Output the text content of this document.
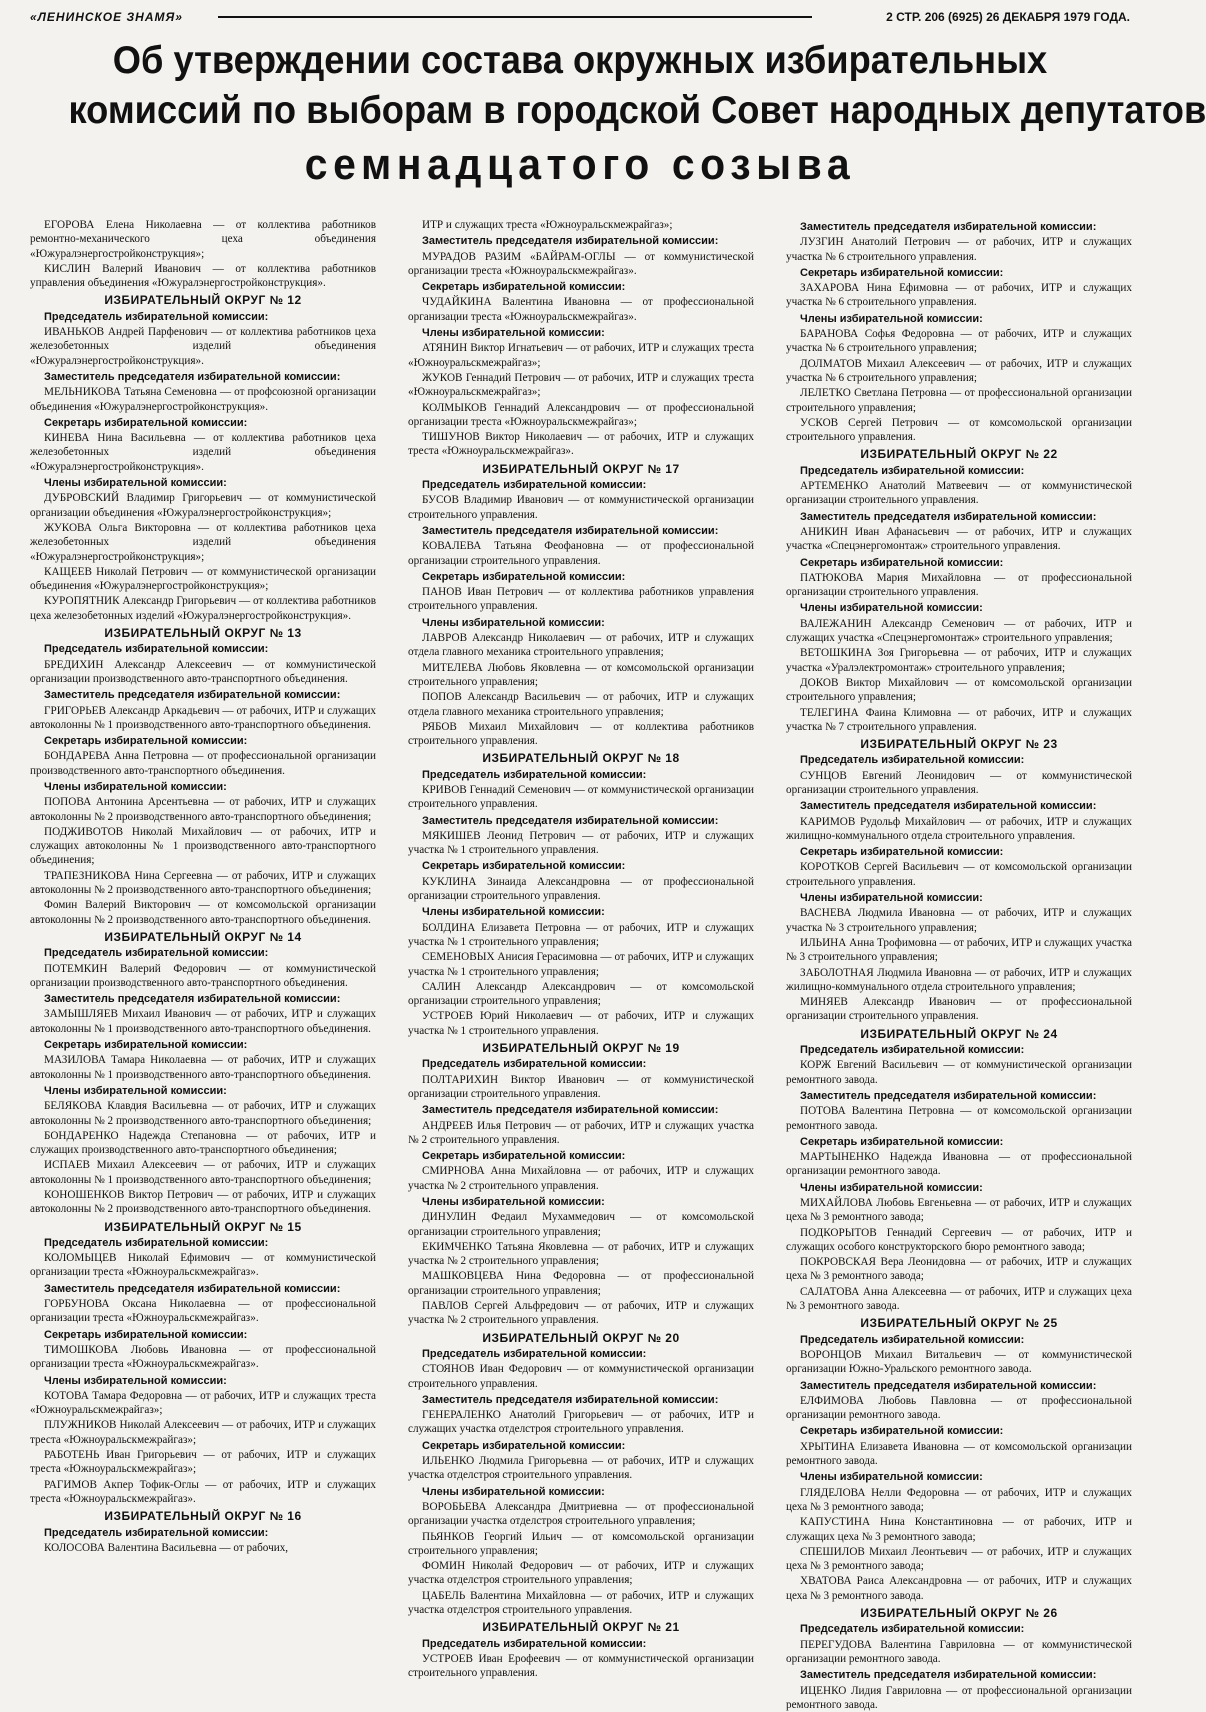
«ЛЕНИНСКОЕ ЗНАМЯ»	2 СТР. 206 (6925) 26 ДЕКАБРЯ 1979 ГОДА.
Об утверждении состава окружных избирательных
комиссий по выборам в городской Совет народных депутатов
семнадцатого созыва

ЕГОРОВА Елена Николаевна — от коллектива работников ремонтно-механического цеха объединения «Южуралэнергостройконструкция»;

КИСЛИН Валерий Иванович — от коллектива работников управления объединения «Южуралэнергостройконструкция».

ИЗБИРАТЕЛЬНЫЙ ОКРУГ № 12

Председатель избирательной комиссии:

ИВАНЬКОВ Андрей Парфенович — от коллектива работников цеха железобетонных изделий объединения «Южуралэнергостройконструкция».

Заместитель председателя избирательной комиссии:

МЕЛЬНИКОВА Татьяна Семеновна — от профсоюзной организации объединения «Южуралэнергостройконструкция».

Секретарь избирательной комиссии:

КИНЕВА Нина Васильевна — от коллектива работников цеха железобетонных изделий объединения «Южуралэнергостройконструкция».

Члены избирательной комиссии:

ДУБРОВСКИЙ Владимир Григорьевич — от коммунистической организации объединения «Южуралэнергостройконструкция»;

ЖУКОВА Ольга Викторовна — от коллектива работников цеха железобетонных изделий объединения «Южуралэнергостройконструкция»;

КАЩЕЕВ Николай Петрович — от коммунистической организации объединения «Южуралэнергостройконструкция»;

КУРОПЯТНИК Александр Григорьевич — от коллектива работников цеха железобетонных изделий «Южуралэнергостройконструкция».

ИЗБИРАТЕЛЬНЫЙ ОКРУГ № 13

Председатель избирательной комиссии:

БРЕДИХИН Александр Алексеевич — от коммунистической организации производственного авто-транспортного объединения.

Заместитель председателя избирательной комиссии:

ГРИГОРЬЕВ Александр Аркадьевич — от рабочих, ИТР и служащих автоколонны № 1 производственного авто-транспортного объединения.

Секретарь избирательной комиссии:

БОНДАРЕВА Анна Петровна — от профессиональной организации производственного авто-транспортного объединения.

Члены избирательной комиссии:

ПОПОВА Антонина Арсентьевна — от рабочих, ИТР и служащих автоколонны № 2 производственного авто-транспортного объединения;

ПОДЖИВОТОВ Николай Михайлович — от рабочих, ИТР и служащих автоколонны № 1 производственного авто-транспортного объединения;

ТРАПЕЗНИКОВА Нина Сергеевна — от рабочих, ИТР и служащих автоколонны № 2 производственного авто-транспортного объединения;

Фомин Валерий Викторович — от комсомольской организации автоколонны № 2 производственного авто-транспортного объединения.

ИЗБИРАТЕЛЬНЫЙ ОКРУГ № 14

Председатель избирательной комиссии:

ПОТЕМКИН Валерий Федорович — от коммунистической организации производственного авто-транспортного объединения.

Заместитель председателя избирательной комиссии:

ЗАМЫШЛЯЕВ Михаил Иванович — от рабочих, ИТР и служащих автоколонны № 1 производственного авто-транспортного объединения.

Секретарь избирательной комиссии:

МАЗИЛОВА Тамара Николаевна — от рабочих, ИТР и служащих автоколонны № 1 производственного авто-транспортного объединения.

Члены избирательной комиссии:

БЕЛЯКОВА Клавдия Васильевна — от рабочих, ИТР и служащих автоколонны № 2 производственного авто-транспортного объединения;

БОНДАРЕНКО Надежда Степановна — от рабочих, ИТР и служащих производственного авто-транспортного объединения;

ИСПАЕВ Михаил Алексеевич — от рабочих, ИТР и служащих автоколонны № 1 производственного авто-транспортного объединения;

КОНОШЕНКОВ Виктор Петрович — от рабочих, ИТР и служащих автоколонны № 2 производственного авто-транспортного объединения.

ИЗБИРАТЕЛЬНЫЙ ОКРУГ № 15

Председатель избирательной комиссии:

КОЛОМЫЦЕВ Николай Ефимович — от коммунистической организации треста «Южноуральскмежрайгаз».

Заместитель председателя избирательной комиссии:

ГОРБУНОВА Оксана Николаевна — от профессиональной организации треста «Южноуральскмежрайгаз».

Секретарь избирательной комиссии:

ТИМОШКОВА Любовь Ивановна — от профессиональной организации треста «Южноуральскмежрайгаз».

Члены избирательной комиссии:

КОТОВА Тамара Федоровна — от рабочих, ИТР и служащих треста «Южноуральскмежрайгаз»;

ПЛУЖНИКОВ Николай Алексеевич — от рабочих, ИТР и служащих треста «Южноуральскмежрайгаз»;

РАБОТЕНЬ Иван Григорьевич — от рабочих, ИТР и служащих треста «Южноуральскмежрайгаз»;

РАГИМОВ Акпер Тофик-Оглы — от рабочих, ИТР и служащих треста «Южноуральскмежрайгаз».

ИЗБИРАТЕЛЬНЫЙ ОКРУГ № 16

Председатель избирательной комиссии:

КОЛОСОВА Валентина Васильевна — от рабочих,

ИТР и служащих треста «Южноуральскмежрайгаз»;

Заместитель председателя избирательной комиссии:

МУРАДОВ РАЗИМ «БАЙРАМ-ОГЛЫ — от коммунистической организации треста «Южноуральскмежрайгаз».

Секретарь избирательной комиссии:

ЧУДАЙКИНА Валентина Ивановна — от профессиональной организации треста «Южноуральскмежрайгаз».

Члены избирательной комиссии:

АТЯНИН Виктор Игнатьевич — от рабочих, ИТР и служащих треста «Южноуральскмежрайгаз»;

ЖУКОВ Геннадий Петрович — от рабочих, ИТР и служащих треста «Южноуральскмежрайгаз»;

КОЛМЫКОВ Геннадий Александрович — от профессиональной организации треста «Южноуральскмежрайгаз»;

ТИШУНОВ Виктор Николаевич — от рабочих, ИТР и служащих треста «Южноуральскмежрайгаз».

ИЗБИРАТЕЛЬНЫЙ ОКРУГ № 17

Председатель избирательной комиссии:

БУСОВ Владимир Иванович — от коммунистической организации строительного управления.

Заместитель председателя избирательной комиссии:

КОВАЛЕВА Татьяна Феофановна — от профессиональной организации строительного управления.

Секретарь избирательной комиссии:

ПАНОВ Иван Петрович — от коллектива работников управления строительного управления.

Члены избирательной комиссии:

ЛАВРОВ Александр Николаевич — от рабочих, ИТР и служащих отдела главного механика строительного управления;

МИТЕЛЕВА Любовь Яковлевна — от комсомольской организации строительного управления;

ПОПОВ Александр Васильевич — от рабочих, ИТР и служащих отдела главного механика строительного управления;

РЯБОВ Михаил Михайлович — от коллектива работников строительного управления.

ИЗБИРАТЕЛЬНЫЙ ОКРУГ № 18

Председатель избирательной комиссии:

КРИВОВ Геннадий Семенович — от коммунистической организации строительного управления.

Заместитель председателя избирательной комиссии:

МЯКИШЕВ Леонид Петрович — от рабочих, ИТР и служащих участка № 1 строительного управления.

Секретарь избирательной комиссии:

КУКЛИНА Зинаида Александровна — от профессиональной организации строительного управления.

Члены избирательной комиссии:

БОЛДИНА Елизавета Петровна — от рабочих, ИТР и служащих участка № 1 строительного управления;

СЕМЕНОВЫХ Анисия Герасимовна — от рабочих, ИТР и служащих участка № 1 строительного управления;

САЛИН Александр Александрович — от комсомольской организации строительного управления;

УСТРОЕВ Юрий Николаевич — от рабочих, ИТР и служащих участка № 1 строительного управления.

ИЗБИРАТЕЛЬНЫЙ ОКРУГ № 19

Председатель избирательной комиссии:

ПОЛТАРИХИН Виктор Иванович — от коммунистической организации строительного управления.

Заместитель председателя избирательной комиссии:

АНДРЕЕВ Илья Петрович — от рабочих, ИТР и служащих участка № 2 строительного управления.

Секретарь избирательной комиссии:

СМИРНОВА Анна Михайловна — от рабочих, ИТР и служащих участка № 2 строительного управления.

Члены избирательной комиссии:

ДИНУЛИН Федаил Мухаммедович — от комсомольской организации строительного управления;

ЕКИМЧЕНКО Татьяна Яковлевна — от рабочих, ИТР и служащих участка № 2 строительного управления;

МАШКОВЦЕВА Нина Федоровна — от профессиональной организации строительного управления;

ПАВЛОВ Сергей Альфредович — от рабочих, ИТР и служащих участка № 2 строительного управления.

ИЗБИРАТЕЛЬНЫЙ ОКРУГ № 20

Председатель избирательной комиссии:

СТОЯНОВ Иван Федорович — от коммунистической организации строительного управления.

Заместитель председателя избирательной комиссии:

ГЕНЕРАЛЕНКО Анатолий Григорьевич — от рабочих, ИТР и служащих участка отделстроя строительного управления.

Секретарь избирательной комиссии:

ИЛЬЕНКО Людмила Григорьевна — от рабочих, ИТР и служащих участка отделстроя строительного управления.

Члены избирательной комиссии:

ВОРОБЬЕВА Александра Дмитриевна — от профессиональной организации участка отделстроя строительного управления;

ПЬЯНКОВ Георгий Ильич — от комсомольской организации строительного управления;

ФОМИН Николай Федорович — от рабочих, ИТР и служащих участка отделстроя строительного управления;

ЦАБЕЛЬ Валентина Михайловна — от рабочих, ИТР и служащих участка отделстроя строительного управления.

ИЗБИРАТЕЛЬНЫЙ ОКРУГ № 21

Председатель избирательной комиссии:

УСТРОЕВ Иван Ерофеевич — от коммунистической организации строительного управления.

Заместитель председателя избирательной комиссии:

ЛУЗГИН Анатолий Петрович — от рабочих, ИТР и служащих участка № 6 строительного управления.

Секретарь избирательной комиссии:

ЗАХАРОВА Нина Ефимовна — от рабочих, ИТР и служащих участка № 6 строительного управления.

Члены избирательной комиссии:

БАРАНОВА Софья Федоровна — от рабочих, ИТР и служащих участка № 6 строительного управления;

ДОЛМАТОВ Михаил Алексеевич — от рабочих, ИТР и служащих участка № 6 строительного управления;

ЛЕЛЕТКО Светлана Петровна — от профессиональной организации строительного управления;

УСКОВ Сергей Петрович — от комсомольской организации строительного управления.

ИЗБИРАТЕЛЬНЫЙ ОКРУГ № 22

Председатель избирательной комиссии:

АРТЕМЕНКО Анатолий Матвеевич — от коммунистической организации строительного управления.

Заместитель председателя избирательной комиссии:

АНИКИН Иван Афанасьевич — от рабочих, ИТР и служащих участка «Спецэнергомонтаж» строительного управления.

Секретарь избирательной комиссии:

ПАТЮКОВА Мария Михайловна — от профессиональной организации строительного управления.

Члены избирательной комиссии:

ВАЛЕЖАНИН Александр Семенович — от рабочих, ИТР и служащих участка «Спецэнергомонтаж» строительного управления;

ВЕТОШКИНА Зоя Григорьевна — от рабочих, ИТР и служащих участка «Уралэлектромонтаж» строительного управления;

ДОКОВ Виктор Михайлович — от комсомольской организации строительного управления;

ТЕЛЕГИНА Фаина Климовна — от рабочих, ИТР и служащих участка № 7 строительного управления.

ИЗБИРАТЕЛЬНЫЙ ОКРУГ № 23

Председатель избирательной комиссии:

СУНЦОВ Евгений Леонидович — от коммунистической организации строительного управления.

Заместитель председателя избирательной комиссии:

КАРИМОВ Рудольф Михайлович — от рабочих, ИТР и служащих жилищно-коммунального отдела строительного управления.

Секретарь избирательной комиссии:

КОРОТКОВ Сергей Васильевич — от комсомольской организации строительного управления.

Члены избирательной комиссии:

ВАСНЕВА Людмила Ивановна — от рабочих, ИТР и служащих участка № 3 строительного управления;

ИЛЬИНА Анна Трофимовна — от рабочих, ИТР и служащих участка № 3 строительного управления;

ЗАБОЛОТНАЯ Людмила Ивановна — от рабочих, ИТР и служащих жилищно-коммунального отдела строительного управления;

МИНЯЕВ Александр Иванович — от профессиональной организации строительного управления.

ИЗБИРАТЕЛЬНЫЙ ОКРУГ № 24

Председатель избирательной комиссии:

КОРЖ Евгений Васильевич — от коммунистической организации ремонтного завода.

Заместитель председателя избирательной комиссии:

ПОТОВА Валентина Петровна — от комсомольской организации ремонтного завода.

Секретарь избирательной комиссии:

МАРТЫНЕНКО Надежда Ивановна — от профессиональной организации ремонтного завода.

Члены избирательной комиссии:

МИХАЙЛОВА Любовь Евгеньевна — от рабочих, ИТР и служащих цеха № 3 ремонтного завода;

ПОДКОРЫТОВ Геннадий Сергеевич — от рабочих, ИТР и служащих особого конструкторского бюро ремонтного завода;

ПОКРОВСКАЯ Вера Леонидовна — от рабочих, ИТР и служащих цеха № 3 ремонтного завода;

САЛАТОВА Анна Алексеевна — от рабочих, ИТР и служащих цеха № 3 ремонтного завода.

ИЗБИРАТЕЛЬНЫЙ ОКРУГ № 25

Председатель избирательной комиссии:

ВОРОНЦОВ Михаил Витальевич — от коммунистической организации Южно-Уральского ремонтного завода.

Заместитель председателя избирательной комиссии:

ЕЛФИМОВА Любовь Павловна — от профессиональной организации ремонтного завода.

Секретарь избирательной комиссии:

ХРЫТИНА Елизавета Ивановна — от комсомольской организации ремонтного завода.

Члены избирательной комиссии:

ГЛЯДЕЛОВА Нелли Федоровна — от рабочих, ИТР и служащих цеха № 3 ремонтного завода;

КАПУСТИНА Нина Константиновна — от рабочих, ИТР и служащих цеха № 3 ремонтного завода;

СПЕШИЛОВ Михаил Леонтьевич — от рабочих, ИТР и служащих цеха № 3 ремонтного завода;

ХВАТОВА Раиса Александровна — от рабочих, ИТР и служащих цеха № 3 ремонтного завода.

ИЗБИРАТЕЛЬНЫЙ ОКРУГ № 26

Председатель избирательной комиссии:

ПЕРЕГУДОВА Валентина Гавриловна — от коммунистической организации ремонтного завода.

Заместитель председателя избирательной комиссии:

ИЦЕНКО Лидия Гавриловна — от профессиональной организации ремонтного завода.
